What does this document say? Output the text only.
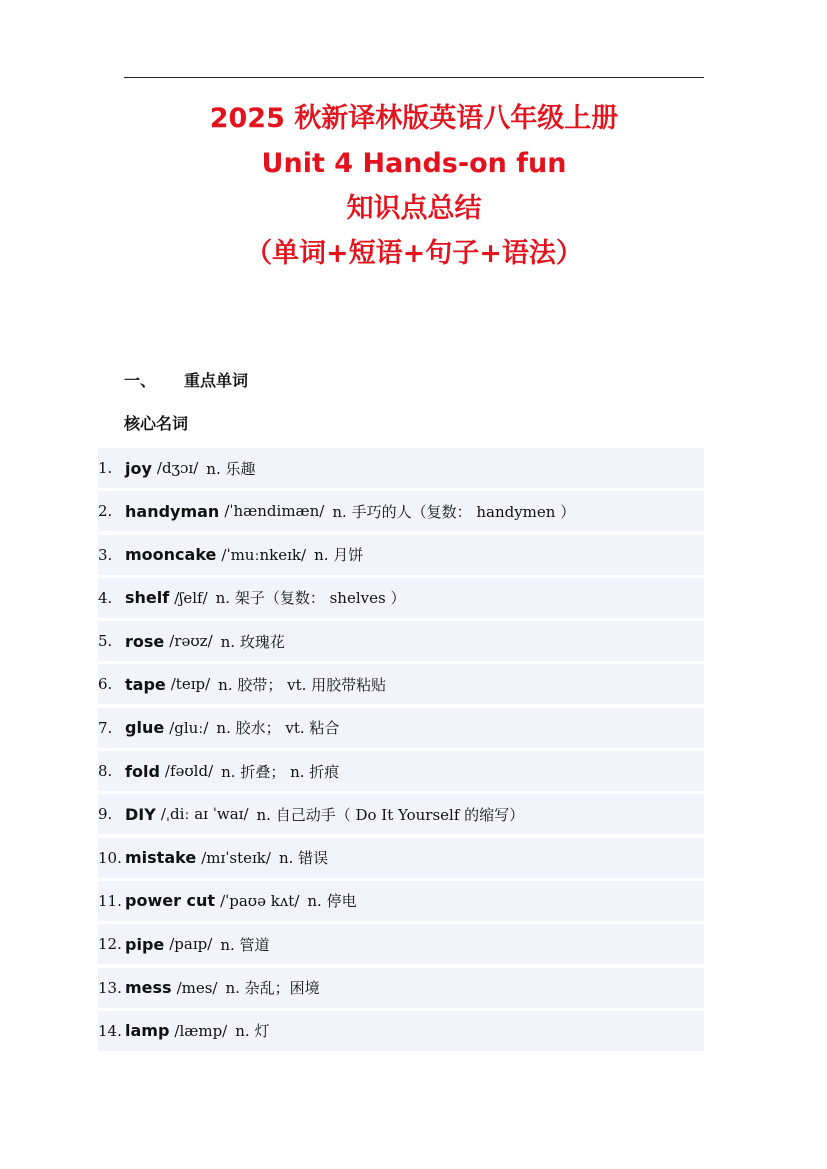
2025 秋新译林版英语八年级上册
Unit 4 Hands-on fun
知识点总结
（单词+短语+句子+语法）
一、 重点单词
核心名词
1. joy /dʒɔɪ/ n. 乐趣
2. handyman /ˈhændimæn/ n. 手巧的人（复数： handymen ）
3. mooncake /ˈmuːnkeɪk/ n. 月饼
4. shelf /ʃelf/ n. 架子（复数： shelves ）
5. rose /rəʊz/ n. 玫瑰花
6. tape /teɪp/ n. 胶带； vt. 用胶带粘贴
7. glue /gluː/ n. 胶水； vt. 粘合
8. fold /fəʊld/ n. 折叠； n. 折痕
9. DIY /ˌdiː aɪ ˈwaɪ/ n. 自己动手（ Do It Yourself 的缩写）
10. mistake /mɪˈsteɪk/ n. 错误
11. power cut /ˈpaʊə kʌt/ n. 停电
12. pipe /paɪp/ n. 管道
13. mess /mes/ n. 杂乱；困境
14. lamp /læmp/ n. 灯
